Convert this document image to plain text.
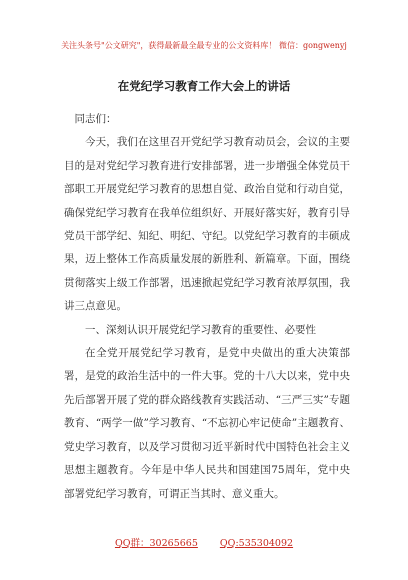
关注头条号"公文研究"，获得最新最全最专业的公文资料库！ 微信：gongwenyj
在党纪学习教育工作大会上的讲话

同志们：

今天，我们在这里召开党纪学习教育动员会，会议的主要目的是对党纪学习教育进行安排部署，进一步增强全体党员干部职工开展党纪学习教育的思想自觉、政治自觉和行动自觉，确保党纪学习教育在我单位组织好、开展好落实好，教育引导党员干部学纪、知纪、明纪、守纪。以党纪学习教育的丰硕成果，迈上整体工作高质量发展的新胜利、新篇章。下面，围绕贯彻落实上级工作部署，迅速掀起党纪学习教育浓厚氛围，我讲三点意见。

一、深刻认识开展党纪学习教育的重要性、必要性

在全党开展党纪学习教育，是党中央做出的重大决策部署，是党的政治生活中的一件大事。党的十八大以来，党中央先后部署开展了党的群众路线教育实践活动、“三严三实”专题教育、“两学一做”学习教育、“不忘初心牢记使命”主题教育、党史学习教育，以及学习贯彻习近平新时代中国特色社会主义思想主题教育。今年是中华人民共和国建国75周年，党中央部署党纪学习教育，可谓正当其时、意义重大。

QQ群：30265665 QQ:535304092
